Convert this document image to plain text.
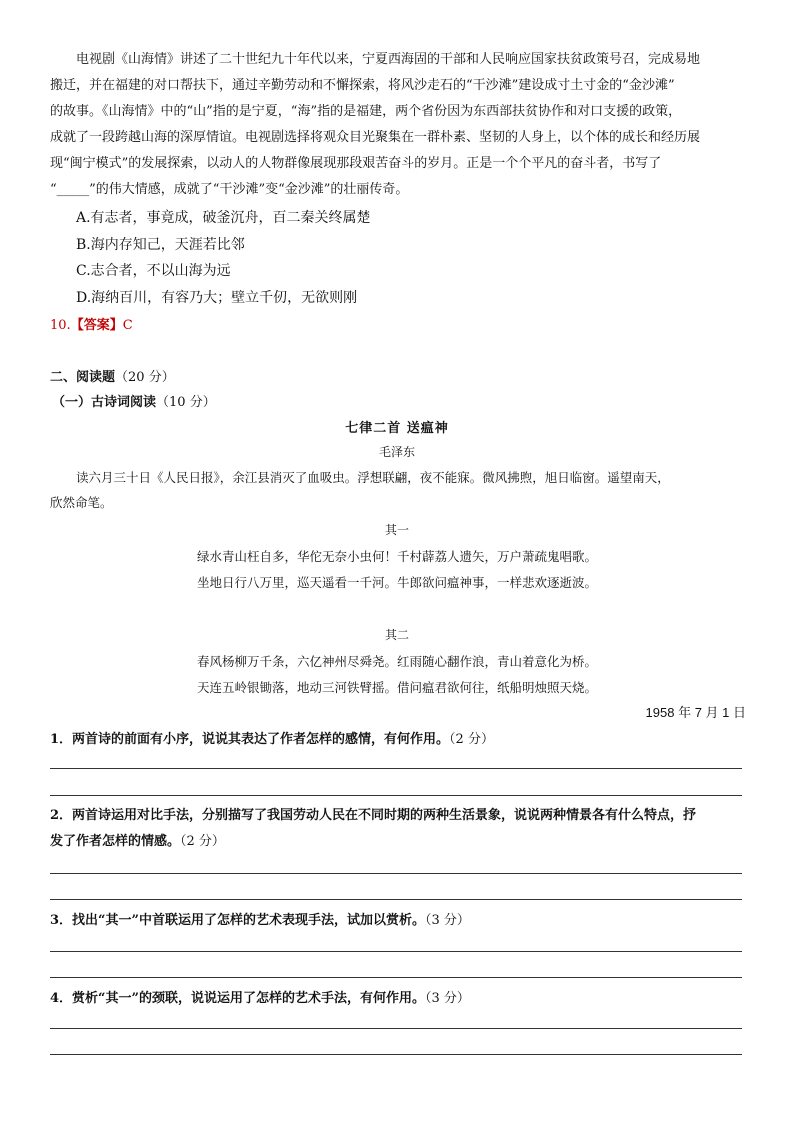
电视剧《山海情》讲述了二十世纪九十年代以来，宁夏西海固的干部和人民响应国家扶贫政策号召，完成易地

搬迁，并在福建的对口帮扶下，通过辛勤劳动和不懈探索，将风沙走石的“干沙滩”建设成寸土寸金的“金沙滩”

的故事。《山海情》中的“山”指的是宁夏，“海”指的是福建，两个省份因为东西部扶贫协作和对口支援的政策，

成就了一段跨越山海的深厚情谊。电视剧选择将观众目光聚集在一群朴素、坚韧的人身上，以个体的成长和经历展

现“闽宁模式”的发展探索，以动人的人物群像展现那段艰苦奋斗的岁月。正是一个个平凡的奋斗者，书写了

“_____”的伟大情感，成就了“干沙滩”变“金沙滩”的壮丽传奇。

A.有志者，事竟成，破釜沉舟，百二秦关终属楚
B.海内存知己，天涯若比邻
C.志合者，不以山海为远
D.海纳百川，有容乃大；壁立千仞，无欲则刚
10.【答案】C
二、阅读题（20 分）
（一）古诗词阅读（10 分）
七律二首 送瘟神
毛泽东

读六月三十日《人民日报》，余江县消灭了血吸虫。浮想联翩，夜不能寐。微风拂煦，旭日临窗。遥望南天，

欣然命笔。

其一
绿水青山枉自多，华佗无奈小虫何！千村薜荔人遗矢，万户萧疏鬼唱歌。
坐地日行八万里，巡天遥看一千河。牛郎欲问瘟神事，一样悲欢逐逝波。
其二
春风杨柳万千条，六亿神州尽舜尧。红雨随心翻作浪，青山着意化为桥。
天连五岭银锄落，地动三河铁臂摇。借问瘟君欲何往，纸船明烛照天烧。
1958 年 7 月 1 日
1．两首诗的前面有小序，说说其表达了作者怎样的感情，有何作用。（2 分）
2．两首诗运用对比手法，分别描写了我国劳动人民在不同时期的两种生活景象，说说两种情景各有什么特点，抒
发了作者怎样的情感。（2 分）
3．找出“其一”中首联运用了怎样的艺术表现手法，试加以赏析。（3 分）
4．赏析“其一”的颈联，说说运用了怎样的艺术手法，有何作用。（3 分）
